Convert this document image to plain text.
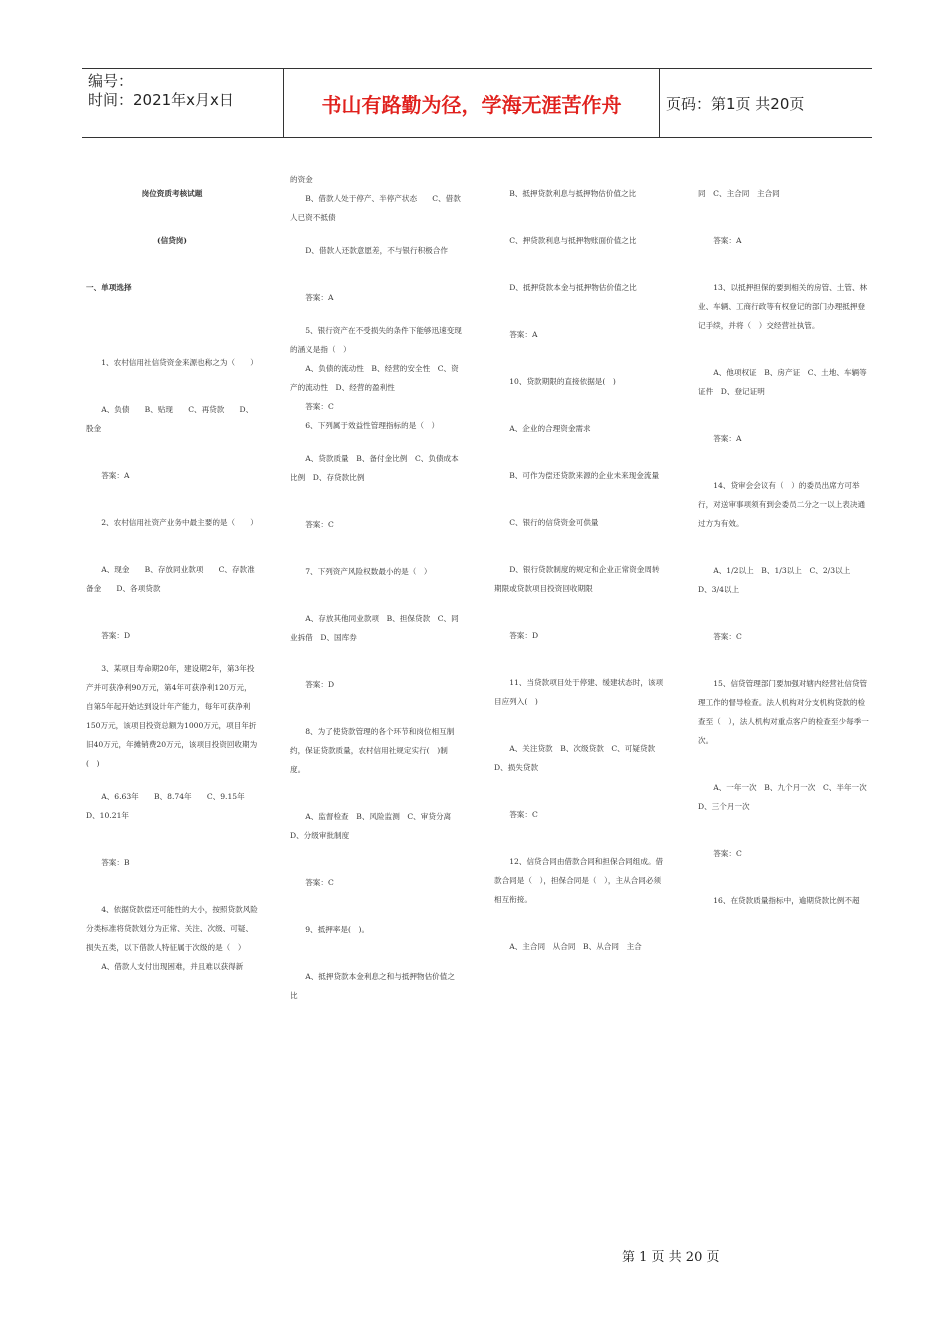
编号：
时间：2021年x月x日	书山有路勤为径，学海无涯苦作舟	页码：第1页 共20页

岗位资质考核试题

(信贷岗)

一、单项选择

1、农村信用社信贷资金来源也称之为（　　）

A、负债　　B、贴现　　C、再贷款　　D、股金

答案：A

2、农村信用社资产业务中最主要的是（　　）

A、现金　　B、存放同业款项　　C、存款准备金　　D、各项贷款

答案：D

3、某项目寿命期20年，建设期2年，第3年投产并可获净利90万元，第4年可获净利120万元，自第5年起开始达到设计年产能力，每年可获净利150万元，该项目投资总额为1000万元，项目年折旧40万元，年摊销费20万元，该项目投资回收期为(　)

A、6.63年　　B、8.74年　　C、9.15年　　D、10.21年

答案：B

4、依据贷款偿还可能性的大小，按照贷款风险分类标准将贷款划分为正常、关注、次级、可疑、损失五类，以下借款人特征属于次级的是（　）

A、借款人支付出现困难，并且难以获得新

的资金

B、借款人处于停产、半停产状态　　C、借款人已资不抵债

D、借款人还款意愿差，不与银行积极合作

答案：A

5、银行资产在不受损失的条件下能够迅速变现的涵义是指（　）

A、负债的流动性　B、经营的安全性　C、资产的流动性　D、经营的盈利性

答案：C

6、下列属于效益性管理指标的是（　）

A、贷款质量　B、备付金比例　C、负债成本比例　D、存贷款比例

答案：C

7、下列资产风险权数最小的是（　）

A、存放其他同业款项　B、担保贷款　C、同业拆借　D、国库券

答案：D

8、为了使贷款管理的各个环节和岗位相互制约，保证贷款质量，农村信用社规定实行(　)制度。

A、监督检查　B、风险监测　C、审贷分离　D、分级审批制度

答案：C

9、抵押率是(　)。

A、抵押贷款本金利息之和与抵押物估价值之比

B、抵押贷款利息与抵押物估价值之比

C、押贷款利息与抵押物账面价值之比

D、抵押贷款本金与抵押物估价值之比

答案：A

10、贷款期限的直接依据是(　)

A、企业的合理资金需求

B、可作为偿还贷款来源的企业未来现金流量

C、银行的信贷资金可供量

D、银行贷款制度的规定和企业正常资金周转期限或贷款项目投资回收期限

答案：D

11、当贷款项目处于停建、缓建状态时，该项目应列入(　)

A、关注贷款　B、次级贷款　C、可疑贷款　D、损失贷款

答案：C

12、信贷合同由借款合同和担保合同组成。借款合同是（　），担保合同是（　），主从合同必须相互衔接。

A、主合同　从合同　B、从合同　主合

同　C、主合同　主合同

答案：A

13、以抵押担保的要到相关的房管、土管、林业、车辆、工商行政等有权登记的部门办理抵押登记手续，并将（　）交经营社执管。

A、他项权证　B、房产证　C、土地、车辆等证件　D、登记证明

答案：A

14、贷审会会议有（　）的委员出席方可举行，对送审事项须有到会委员二分之一以上表决通过方为有效。

A、1/2以上　B、1/3以上　C、2/3以上　D、3/4以上

答案：C

15、信贷管理部门要加强对辖内经营社信贷管理工作的督导检查。法人机构对分支机构贷款的检查至（　），法人机构对重点客户的检查至少每季一次。

A、一年一次　B、九个月一次　C、半年一次　D、三个月一次

答案：C

16、在贷款质量指标中，逾期贷款比例不超

第 1 页 共 20 页
